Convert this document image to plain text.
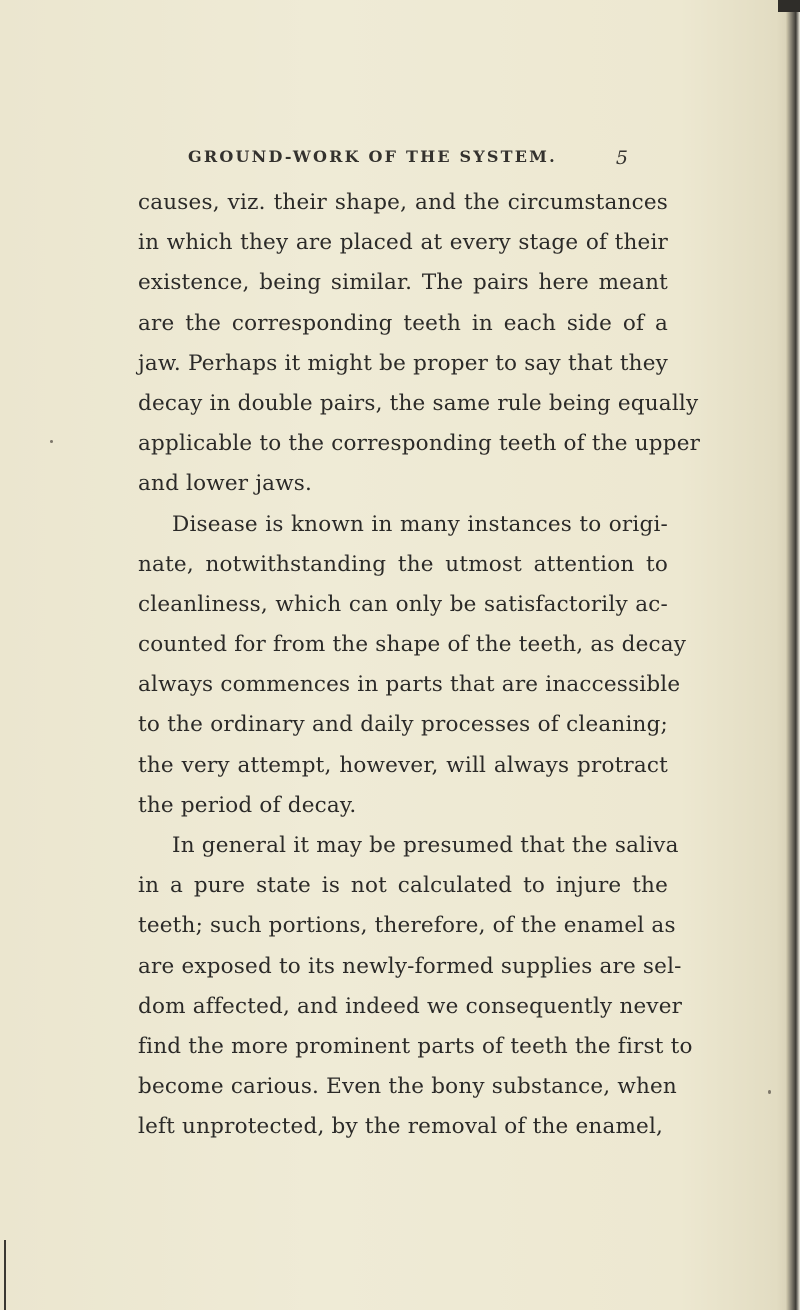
GROUND-WORK OF THE SYSTEM.	5
causes, viz. their shape, and the circumstances
in which they are placed at every stage of their
existence, being similar. The pairs here meant
are the corresponding teeth in each side of a
jaw. Perhaps it might be proper to say that they
decay in double pairs, the same rule being equally
applicable to the corresponding teeth of the upper
and lower jaws.
Disease is known in many instances to origi-
nate, notwithstanding the utmost attention to
cleanliness, which can only be satisfactorily ac-
counted for from the shape of the teeth, as decay
always commences in parts that are inaccessible
to the ordinary and daily processes of cleaning;
the very attempt, however, will always protract
the period of decay.
In general it may be presumed that the saliva
in a pure state is not calculated to injure the
teeth; such portions, therefore, of the enamel as
are exposed to its newly-formed supplies are sel-
dom affected, and indeed we consequently never
find the more prominent parts of teeth the first to
become carious. Even the bony substance, when
left unprotected, by the removal of the enamel,
